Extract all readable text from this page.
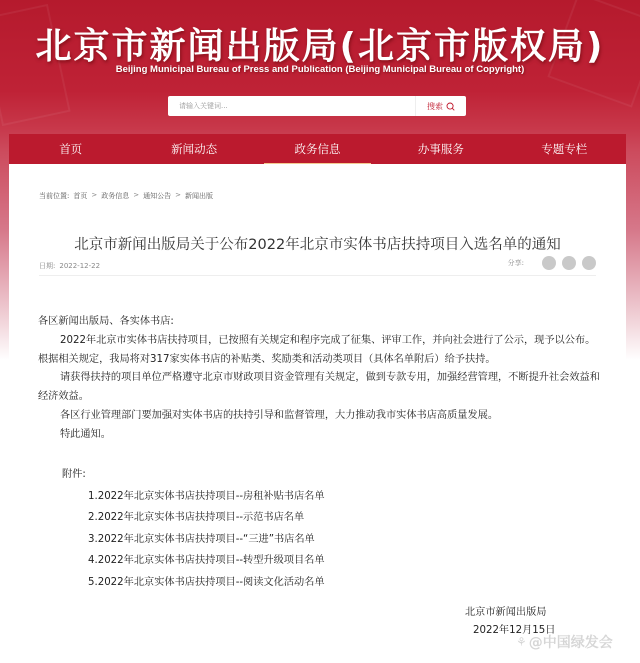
北京市新闻出版局(北京市版权局)
Beijing Municipal Bureau of Press and Publication (Beijing Municipal Bureau of Copyright)
请输入关键词...
搜索
首页	新闻动态	政务信息	办事服务	专题专栏
当前位置: 首页 > 政务信息 > 通知公告 > 新闻出版
北京市新闻出版局关于公布2022年北京市实体书店扶持项目入选名单的通知
日期: 2022-12-22	分享:

各区新闻出版局、各实体书店:

2022年北京市实体书店扶持项目，已按照有关规定和程序完成了征集、评审工作，并向社会进行了公示，现予以公布。根据相关规定，我局将对317家实体书店的补贴类、奖励类和活动类项目（具体名单附后）给予扶持。

请获得扶持的项目单位严格遵守北京市财政项目资金管理有关规定，做到专款专用，加强经营管理，不断提升社会效益和经济效益。

各区行业管理部门要加强对实体书店的扶持引导和监督管理，大力推动我市实体书店高质量发展。

特此通知。

附件:
1.2022年北京实体书店扶持项目--房租补贴书店名单
2.2022年北京实体书店扶持项目--示范书店名单
3.2022年北京实体书店扶持项目--“三进”书店名单
4.2022年北京实体书店扶持项目--转型升级项目名单
5.2022年北京实体书店扶持项目--阅读文化活动名单
北京市新闻出版局
2022年12月15日
⚘ @中国绿发会
